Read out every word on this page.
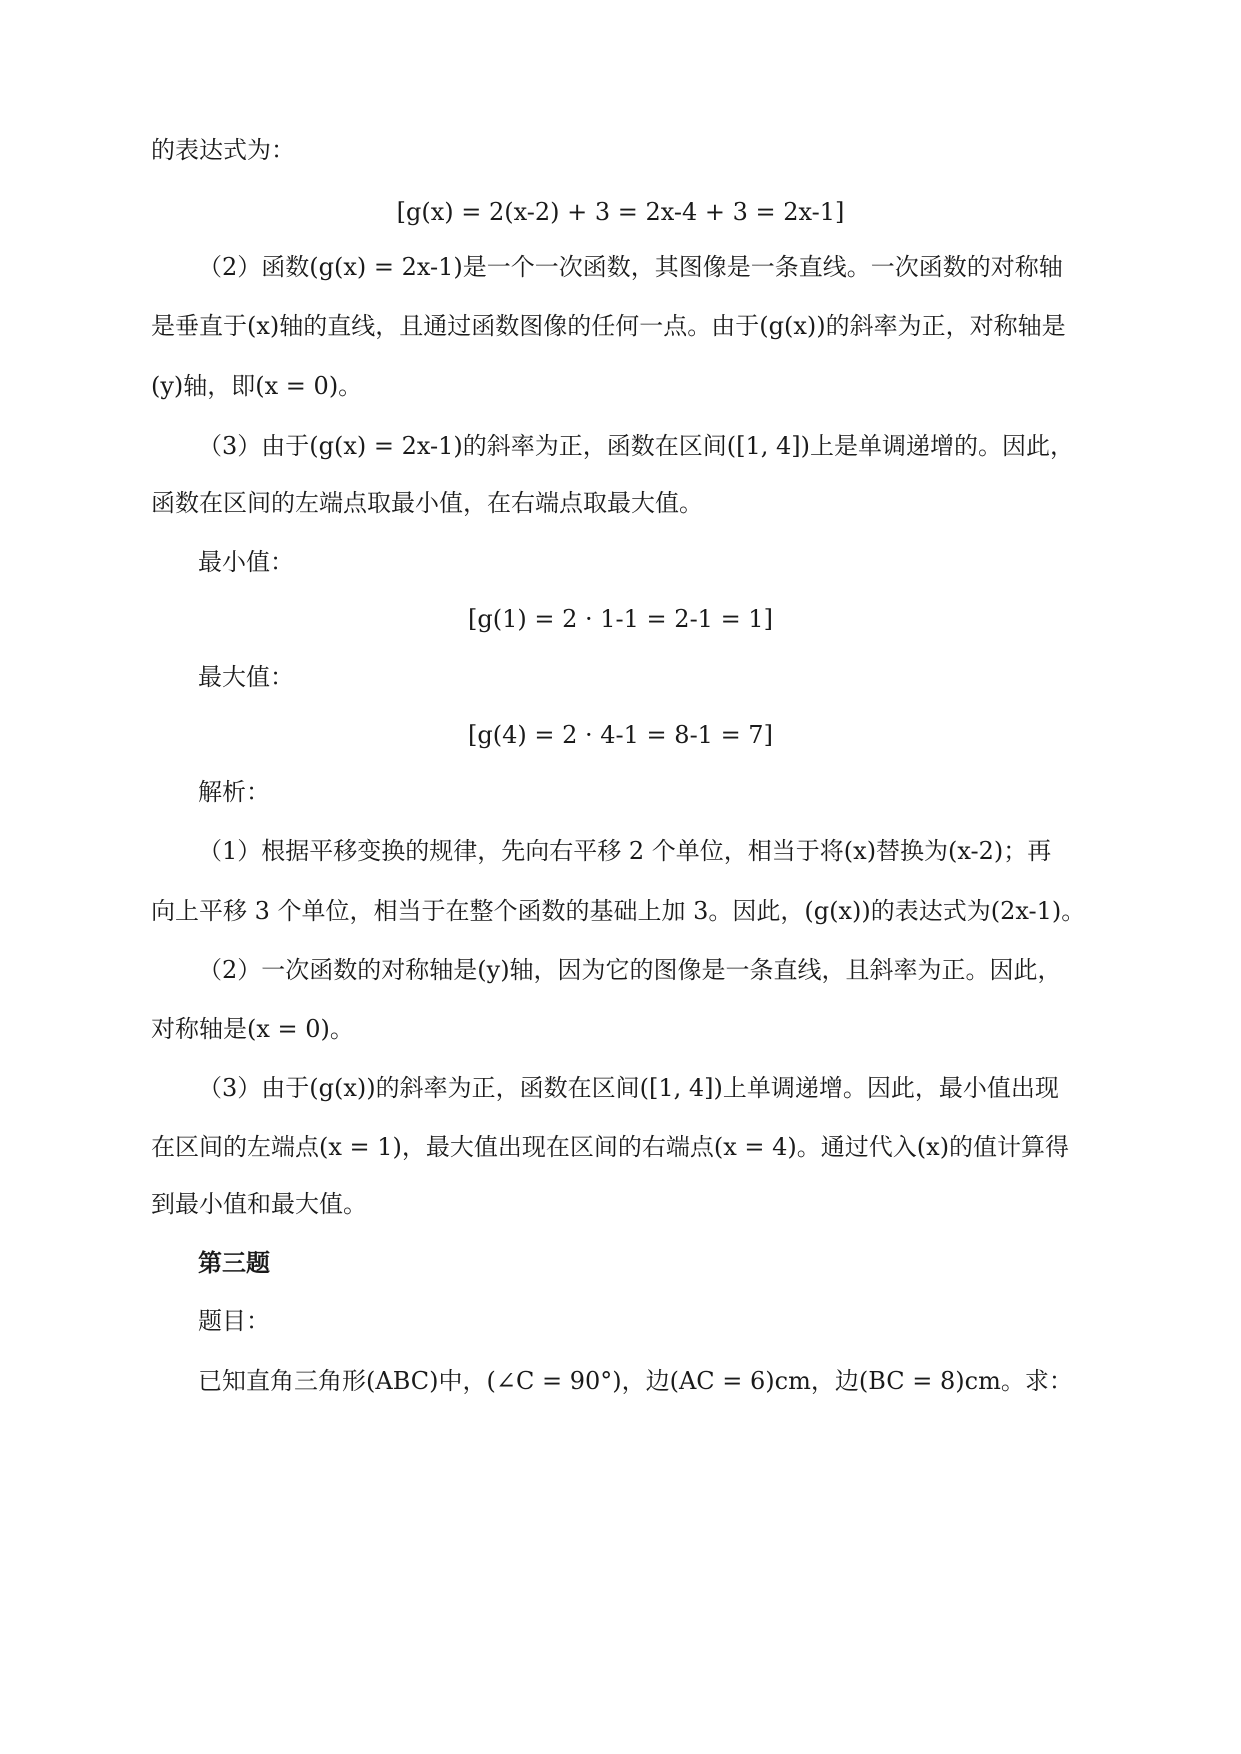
的表达式为：
[g(x) = 2(x-2) + 3 = 2x-4 + 3 = 2x-1]
（2）函数(g(x) = 2x-1)是一个一次函数，其图像是一条直线。一次函数的对称轴
是垂直于(x)轴的直线，且通过函数图像的任何一点。由于(g(x))的斜率为正，对称轴是
(y)轴，即(x = 0)。
（3）由于(g(x) = 2x-1)的斜率为正，函数在区间([1, 4])上是单调递增的。因此，
函数在区间的左端点取最小值，在右端点取最大值。
最小值：
[g(1) = 2 · 1-1 = 2-1 = 1]
最大值：
[g(4) = 2 · 4-1 = 8-1 = 7]
解析：
（1）根据平移变换的规律，先向右平移 2 个单位，相当于将(x)替换为(x-2)；再
向上平移 3 个单位，相当于在整个函数的基础上加 3。因此，(g(x))的表达式为(2x-1)。
（2）一次函数的对称轴是(y)轴，因为它的图像是一条直线，且斜率为正。因此，
对称轴是(x = 0)。
（3）由于(g(x))的斜率为正，函数在区间([1, 4])上单调递增。因此，最小值出现
在区间的左端点(x = 1)，最大值出现在区间的右端点(x = 4)。通过代入(x)的值计算得
到最小值和最大值。
第三题
题目：
已知直角三角形(ABC)中，(∠C = 90°)，边(AC = 6)cm，边(BC = 8)cm。求：
